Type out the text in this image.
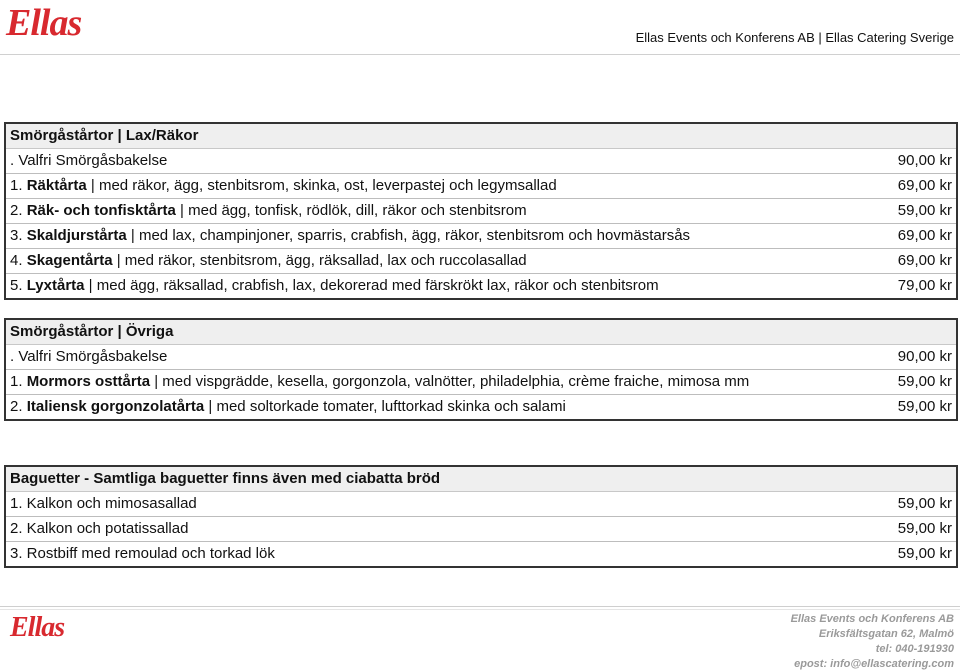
Ellas	Ellas Events och Konferens AB | Ellas Catering Sverige
Smörgåstårtor | Lax/Räkor
. Valfri Smörgåsbakelse	90,00 kr
1. Räktårta | med räkor, ägg, stenbitsrom, skinka, ost, leverpastej och legymsallad	69,00 kr
2. Räk- och tonfisktårta | med ägg, tonfisk, rödlök, dill, räkor och stenbitsrom	59,00 kr
3. Skaldjurstårta | med lax, champinjoner, sparris, crabfish, ägg, räkor, stenbitsrom och hovmästarsås	69,00 kr
4. Skagentårta | med räkor, stenbitsrom, ägg, räksallad, lax och ruccolasallad	69,00 kr
5. Lyxtårta | med ägg, räksallad, crabfish, lax, dekorerad med färskrökt lax, räkor och stenbitsrom	79,00 kr
Smörgåstårtor | Övriga
. Valfri Smörgåsbakelse	90,00 kr
1. Mormors osttårta | med vispgrädde, kesella, gorgonzola, valnötter, philadelphia, crème fraiche, mimosa mm	59,00 kr
2. Italiensk gorgonzolatårta | med soltorkade tomater, lufttorkad skinka och salami	59,00 kr
Baguetter - Samtliga baguetter finns även med ciabatta bröd
1. Kalkon och mimosasallad	59,00 kr
2. Kalkon och potatissallad	59,00 kr
3. Rostbiff med remoulad och torkad lök	59,00 kr
Ellas	Ellas Events och Konferens AB
Eriksfältsgatan 62, Malmö
tel: 040-191930
epost: info@ellascatering.com
